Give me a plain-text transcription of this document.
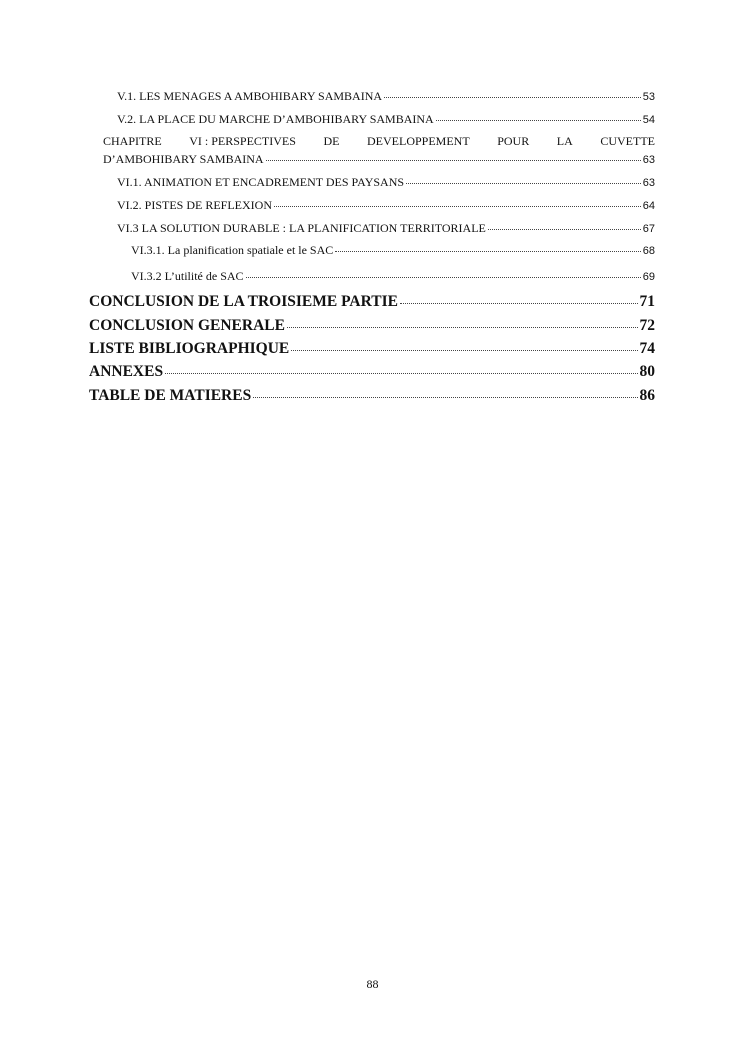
V.1. LES MENAGES A AMBOHIBARY SAMBAINA	53
V.2. LA PLACE DU MARCHE D’AMBOHIBARY SAMBAINA	54
CHAPITRE VI : PERSPECTIVES DE DEVELOPPEMENT POUR LA CUVETTE
D’AMBOHIBARY SAMBAINA	63
VI.1. ANIMATION ET ENCADREMENT DES PAYSANS	63
VI.2. PISTES DE REFLEXION	64
VI.3 LA SOLUTION DURABLE : LA PLANIFICATION TERRITORIALE	67
VI.3.1. La planification spatiale et le SAC	68
VI.3.2 L’utilité de SAC	69
CONCLUSION DE LA TROISIEME PARTIE	71
CONCLUSION GENERALE	72
LISTE BIBLIOGRAPHIQUE	74
ANNEXES	80
TABLE DE MATIERES	86
88
